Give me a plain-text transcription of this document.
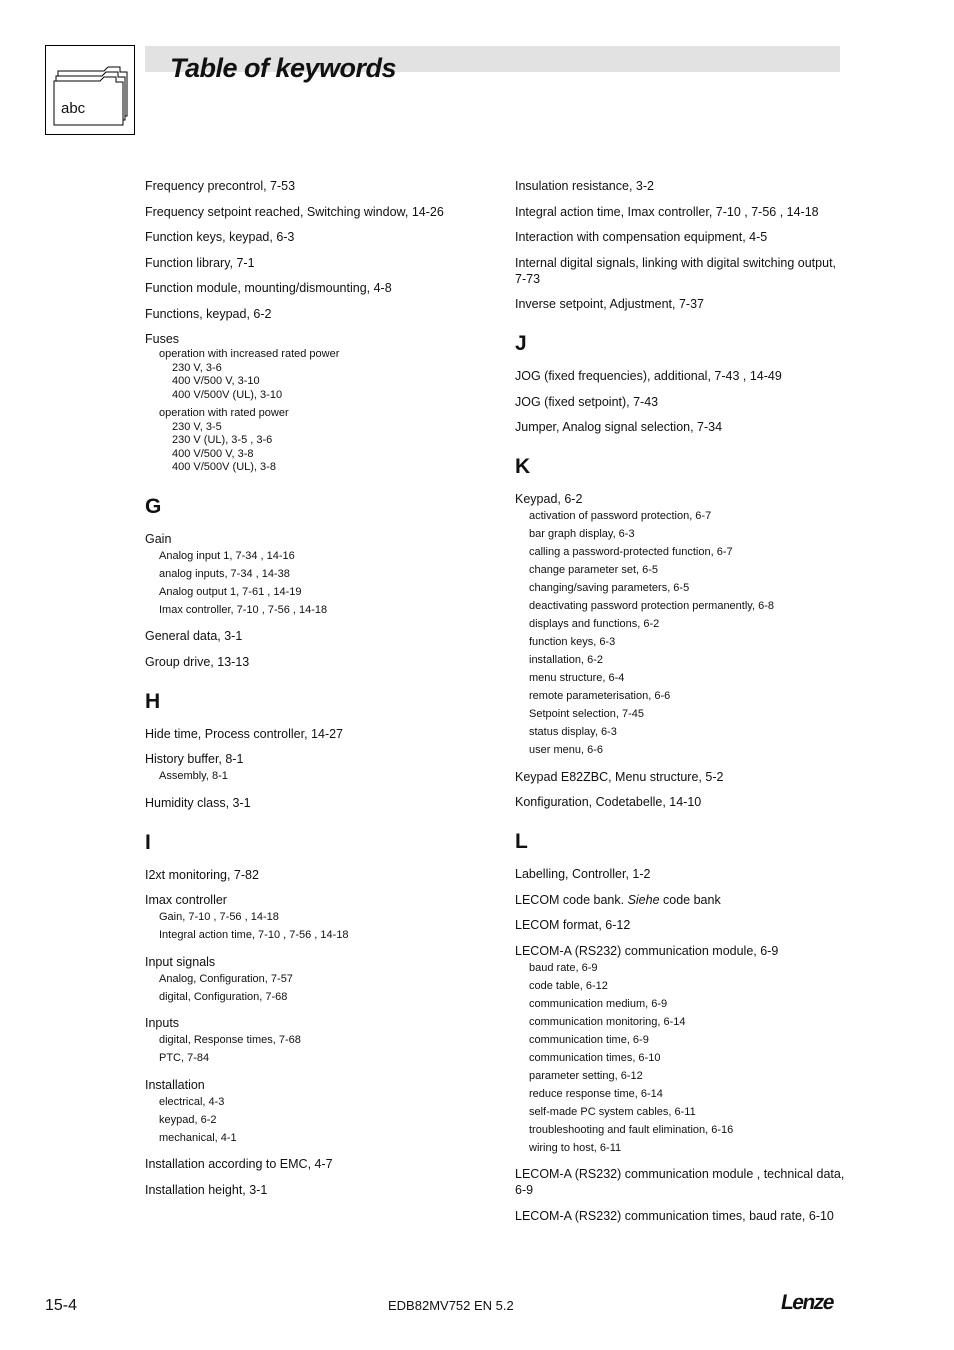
abc
Table of keywords
Frequency precontrol, 7-53
Frequency setpoint reached, Switching window, 14-26
Function keys, keypad, 6-3
Function library, 7-1
Function module, mounting/dismounting, 4-8
Functions, keypad, 6-2
Fuses
operation with increased rated power
230 V, 3-6
400 V/500 V, 3-10
400 V/500V (UL), 3-10
operation with rated power
230 V, 3-5
230 V (UL), 3-5 , 3-6
400 V/500 V, 3-8
400 V/500V (UL), 3-8
G
Gain
Analog input 1, 7-34 , 14-16
analog inputs, 7-34 , 14-38
Analog output 1, 7-61 , 14-19
Imax controller, 7-10 , 7-56 , 14-18
General data, 3-1
Group drive, 13-13
H
Hide time, Process controller, 14-27
History buffer, 8-1
Assembly, 8-1
Humidity class, 3-1
I
I2xt monitoring, 7-82
Imax controller
Gain, 7-10 , 7-56 , 14-18
Integral action time, 7-10 , 7-56 , 14-18
Input signals
Analog, Configuration, 7-57
digital, Configuration, 7-68
Inputs
digital, Response times, 7-68
PTC, 7-84
Installation
electrical, 4-3
keypad, 6-2
mechanical, 4-1
Installation according to EMC, 4-7
Installation height, 3-1
Insulation resistance, 3-2
Integral action time, Imax controller, 7-10 , 7-56 , 14-18
Interaction with compensation equipment, 4-5
Internal digital signals, linking with digital switching output, 7-73
Inverse setpoint, Adjustment, 7-37
J
JOG (fixed frequencies), additional, 7-43 , 14-49
JOG (fixed setpoint), 7-43
Jumper, Analog signal selection, 7-34
K
Keypad, 6-2
activation of password protection, 6-7
bar graph display, 6-3
calling a password-protected function, 6-7
change parameter set, 6-5
changing/saving parameters, 6-5
deactivating password protection permanently, 6-8
displays and functions, 6-2
function keys, 6-3
installation, 6-2
menu structure, 6-4
remote parameterisation, 6-6
Setpoint selection, 7-45
status display, 6-3
user menu, 6-6
Keypad E82ZBC, Menu structure, 5-2
Konfiguration, Codetabelle, 14-10
L
Labelling, Controller, 1-2
LECOM code bank. Siehe code bank
LECOM format, 6-12
LECOM-A (RS232) communication module, 6-9
baud rate, 6-9
code table, 6-12
communication medium, 6-9
communication monitoring, 6-14
communication time, 6-9
communication times, 6-10
parameter setting, 6-12
reduce response time, 6-14
self-made PC system cables, 6-11
troubleshooting and fault elimination, 6-16
wiring to host, 6-11
LECOM-A (RS232) communication module , technical data, 6-9
LECOM-A (RS232) communication times, baud rate, 6-10
15-4	EDB82MV752 EN 5.2	Lenze
